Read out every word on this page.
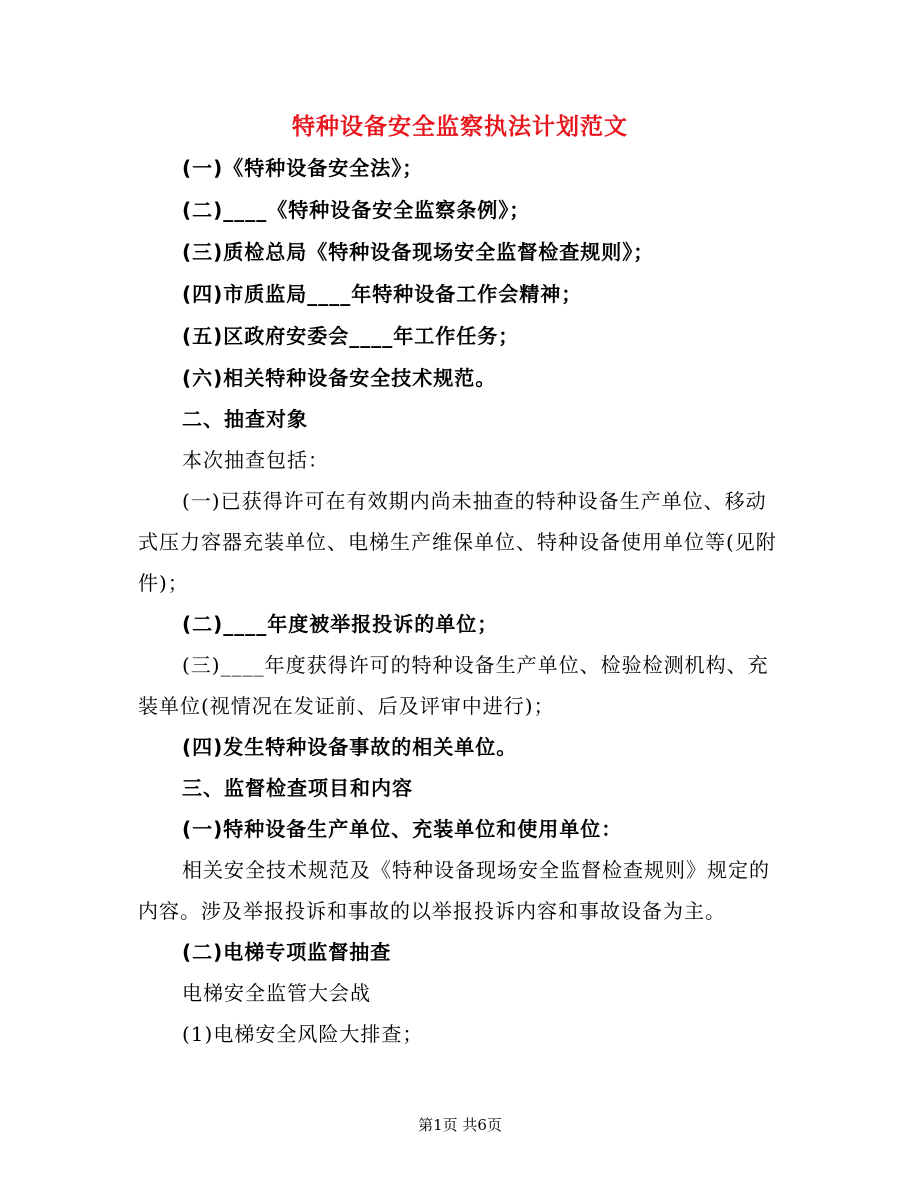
特种设备安全监察执法计划范文
(一)《特种设备安全法》；
(二)____《特种设备安全监察条例》；
(三)质检总局《特种设备现场安全监督检查规则》；
(四)市质监局____年特种设备工作会精神；
(五)区政府安委会____年工作任务；
(六)相关特种设备安全技术规范。
二、抽查对象
本次抽查包括：
(一)已获得许可在有效期内尚未抽查的特种设备生产单位、移动
式压力容器充装单位、电梯生产维保单位、特种设备使用单位等(见附
件)；
(二)____年度被举报投诉的单位；
(三)____年度获得许可的特种设备生产单位、检验检测机构、充
装单位(视情况在发证前、后及评审中进行)；
(四)发生特种设备事故的相关单位。
三、监督检查项目和内容
(一)特种设备生产单位、充装单位和使用单位：
相关安全技术规范及《特种设备现场安全监督检查规则》规定的
内容。涉及举报投诉和事故的以举报投诉内容和事故设备为主。
(二)电梯专项监督抽查
电梯安全监管大会战
(1)电梯安全风险大排查；
第1页 共6页
